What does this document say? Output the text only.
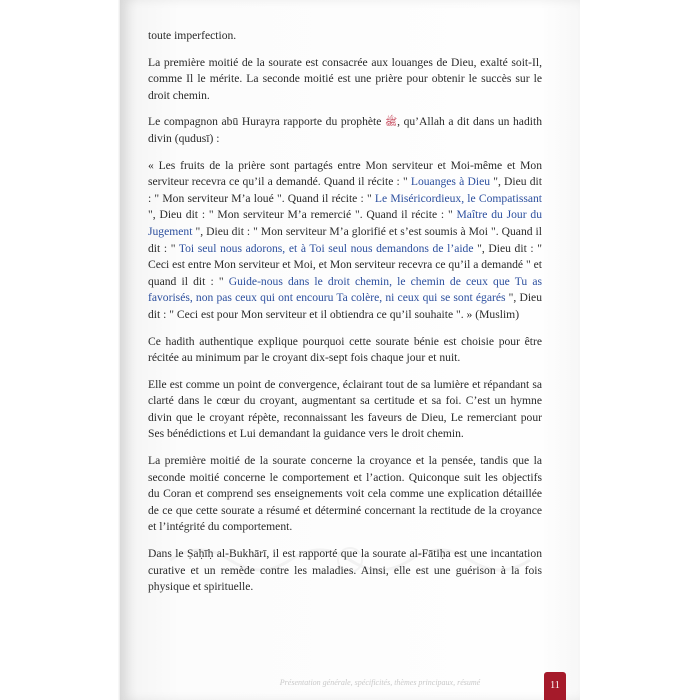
toute imperfection.

La première moitié de la sourate est consacrée aux louanges de Dieu, exalté soit-Il, comme Il le mérite. La seconde moitié est une prière pour obtenir le succès sur le droit chemin.

Le compagnon abū Hurayra rapporte du prophète ﷺ, qu’Allah a dit dans un hadith divin (qudusī) :

« Les fruits de la prière sont partagés entre Mon serviteur et Moi-même et Mon serviteur recevra ce qu’il a demandé. Quand il récite : " Louanges à Dieu ", Dieu dit : " Mon serviteur M’a loué ". Quand il récite : " Le Miséricordieux, le Compatissant ", Dieu dit : " Mon serviteur M’a remercié ". Quand il récite : " Maître du Jour du Jugement ", Dieu dit : " Mon serviteur M’a glorifié et s’est soumis à Moi ". Quand il dit : " Toi seul nous adorons, et à Toi seul nous demandons de l’aide ", Dieu dit : " Ceci est entre Mon serviteur et Moi, et Mon serviteur recevra ce qu’il a demandé " et quand il dit : " Guide-nous dans le droit chemin, le chemin de ceux que Tu as favorisés, non pas ceux qui ont encouru Ta colère, ni ceux qui se sont égarés ", Dieu dit : " Ceci est pour Mon serviteur et il obtiendra ce qu’il souhaite ". » (Muslim)

Ce hadith authentique explique pourquoi cette sourate bénie est choisie pour être récitée au minimum par le croyant dix-sept fois chaque jour et nuit.

Elle est comme un point de convergence, éclairant tout de sa lumière et répandant sa clarté dans le cœur du croyant, augmentant sa certitude et sa foi. C’est un hymne divin que le croyant répète, reconnaissant les faveurs de Dieu, Le remerciant pour Ses bénédictions et Lui demandant la guidance vers le droit chemin.

La première moitié de la sourate concerne la croyance et la pensée, tandis que la seconde moitié concerne le comportement et l’action. Quiconque suit les objectifs du Coran et comprend ses enseignements voit cela comme une explication détaillée de ce que cette sourate a résumé et déterminé concernant la rectitude de la croyance et l’intégrité du comportement.

Dans le Ṣaḥīḥ al-Bukhārī, il est rapporté que la sourate al-Fātiḥa est une incantation curative et un remède contre les maladies. Ainsi, elle est une guérison à la fois physique et spirituelle.

Présentation générale, spécificités, thèmes principaux, résumé	11
